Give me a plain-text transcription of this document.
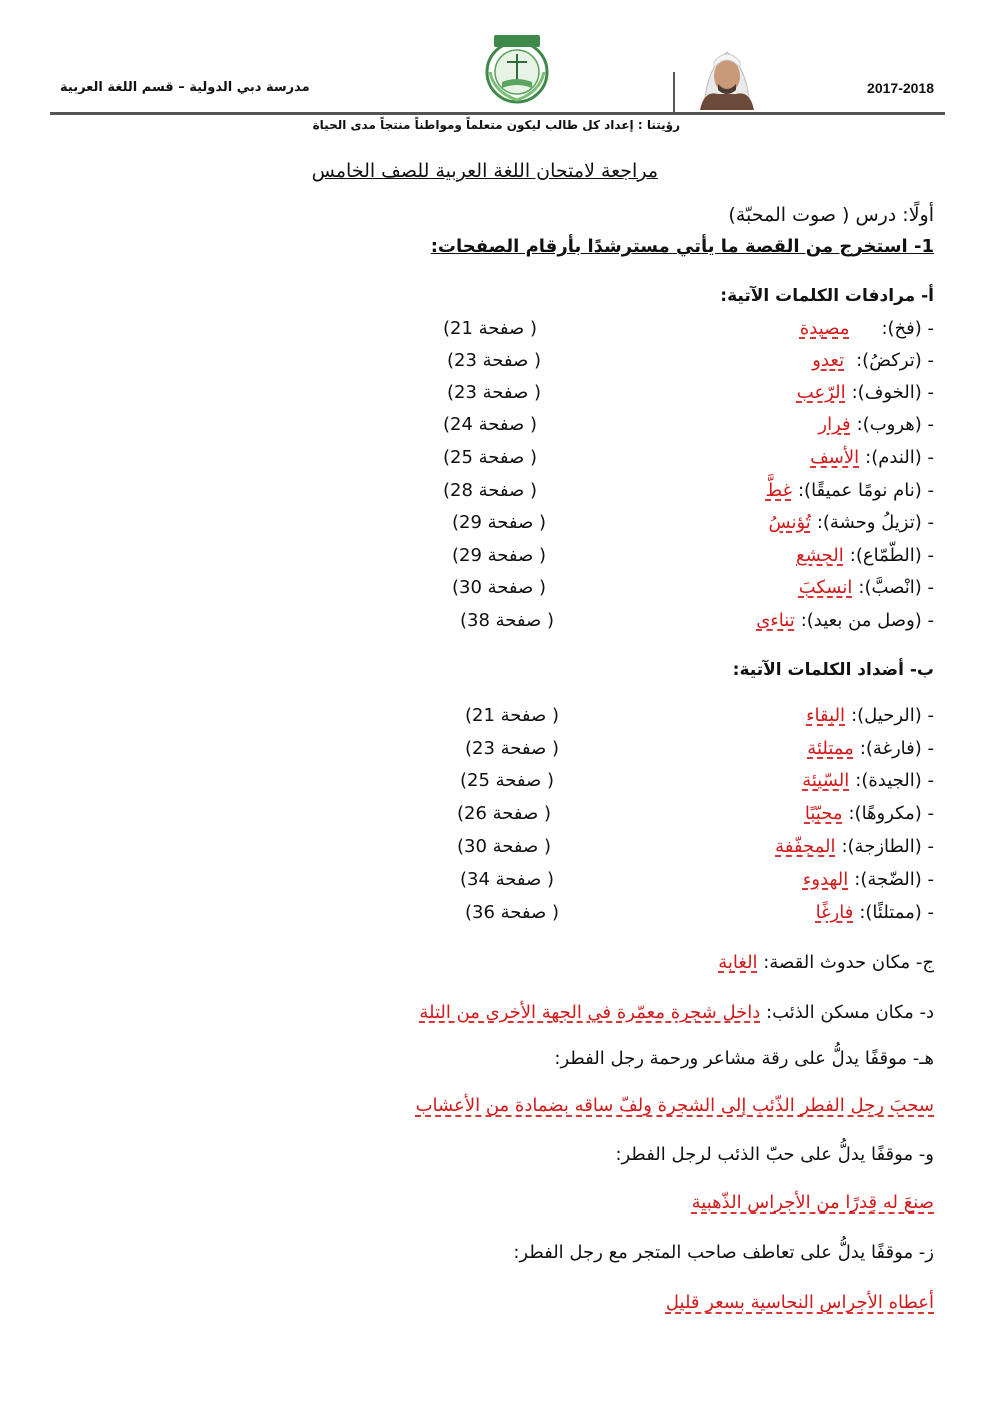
مدرسة دبي الدولية – قسم اللغة العربية	2017-2018
رؤيتنا : إعداد كل طالب ليكون متعلماً ومواطناً منتجاً مدى الحياة
مراجعة لامتحان اللغة العربية للصف الخامس
أولًا: درس ( صوت المحبّة)
1- استخرج من القصة ما يأتي مسترشدًا بأرقام الصفحات:
أ- مرادفات الكلمات الآتية:
- (فخ):مصيدة
( صفحة 21)
- (تركضُ):تعدو
( صفحة 23)
- (الخوف):الرّعب
( صفحة 23)
- (هروب):فرار
( صفحة 24)
- (الندم):الأسف
( صفحة 25)
- (نام نومًا عميقًا):غطَّ
( صفحة 28)
- (تزيلُ وحشة):تُؤنسُ
( صفحة 29)
- (الطّمّاع):الجشع
( صفحة 29)
- (انْصبَّ):انسكبَ
( صفحة 30)
- (وصل من بعيد):تناءى
( صفحة 38)
ب- أضداد الكلمات الآتية:
- (الرحيل):البقاء
( صفحة 21)
- (فارغة):ممتلئة
( صفحة 23)
- (الجيدة):السّيئة
( صفحة 25)
- (مكروهًا):محبّبًا
( صفحة 26)
- (الطازجة):المجفّفة
( صفحة 30)
- (الضّجة):الهدوء
( صفحة 34)
- (ممتلئًا):فارغًا
( صفحة 36)
ج- مكان حدوث القصة: الغابة
د- مكان مسكن الذئب: داخل شجرة معمّرة في الجهة الأخرى من التلة
هـ- موقفًا يدلُّ على رقة مشاعر ورحمة رجل الفطر:
سحبَ رجل الفطر الذّئب إلى الشجرة ولفّ ساقه بضمادة من الأعشاب
و- موقفًا يدلُّ على حبّ الذئب لرجل الفطر:
صنعَ له قِدرًا من الأجراس الذّهبية
ز- موقفًا يدلُّ على تعاطف صاحب المتجر مع رجل الفطر:
أعطاه الأجراس النحاسية بسعر قليل
